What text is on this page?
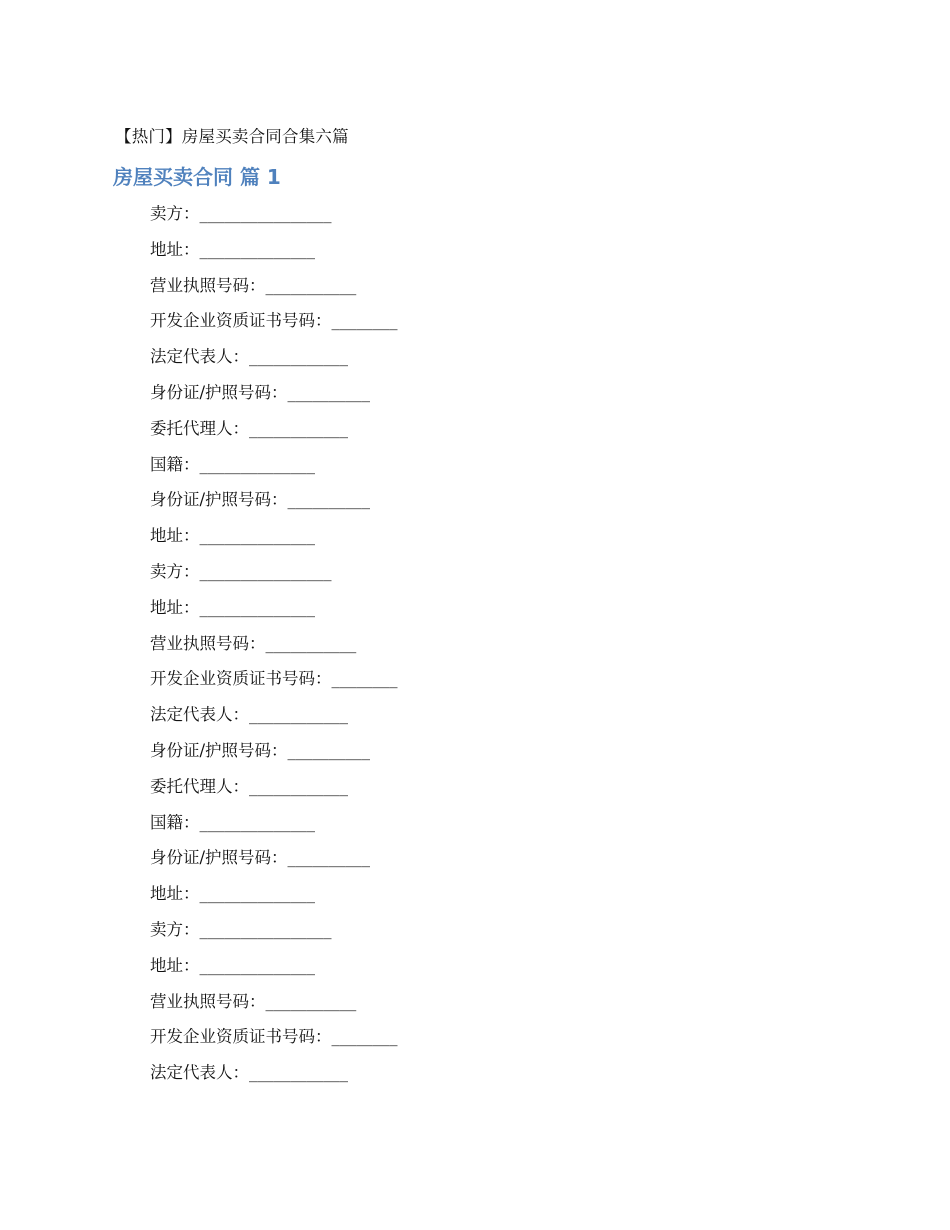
【热门】房屋买卖合同合集六篇
房屋买卖合同 篇 1
卖方：________________
地址：______________
营业执照号码：___________
开发企业资质证书号码：________
法定代表人：____________
身份证/护照号码：__________
委托代理人：____________
国籍：______________
身份证/护照号码：__________
地址：______________
卖方：________________
地址：______________
营业执照号码：___________
开发企业资质证书号码：________
法定代表人：____________
身份证/护照号码：__________
委托代理人：____________
国籍：______________
身份证/护照号码：__________
地址：______________
卖方：________________
地址：______________
营业执照号码：___________
开发企业资质证书号码：________
法定代表人：____________
